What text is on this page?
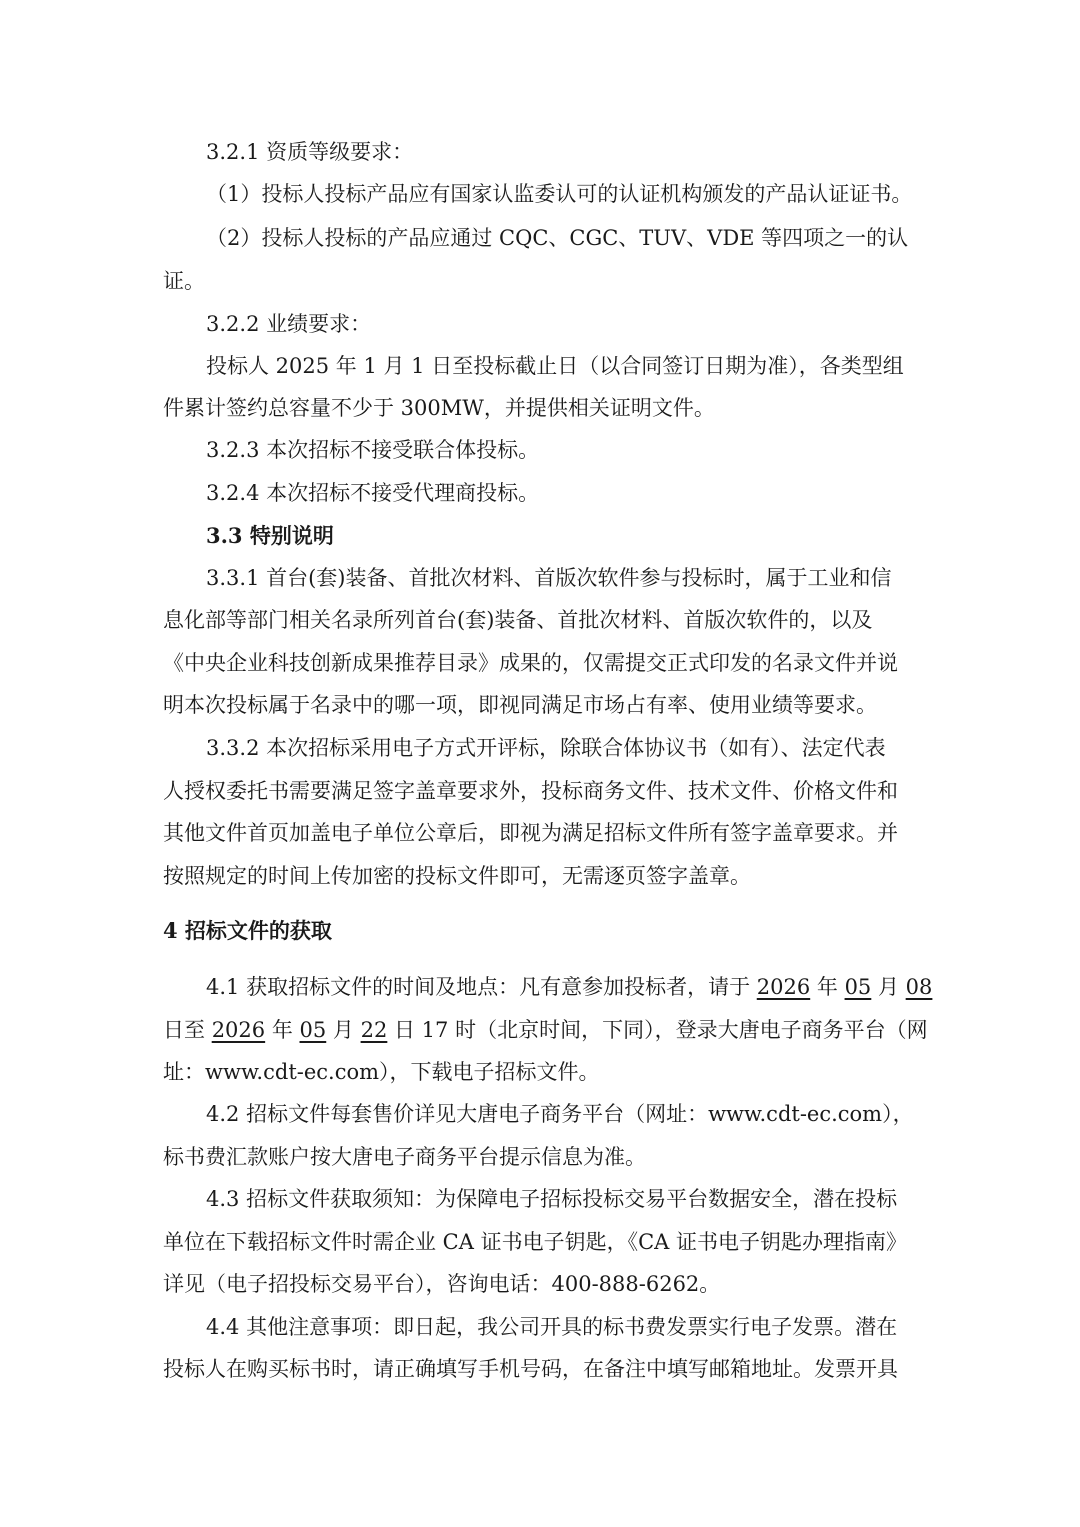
3.2.1 资质等级要求：
（1）投标人投标产品应有国家认监委认可的认证机构颁发的产品认证证书。
（2）投标人投标的产品应通过 CQC、CGC、TUV、VDE 等四项之一的认
证。
3.2.2 业绩要求：
投标人 2025 年 1 月 1 日至投标截止日（以合同签订日期为准），各类型组
件累计签约总容量不少于 300MW，并提供相关证明文件。
3.2.3 本次招标不接受联合体投标。
3.2.4 本次招标不接受代理商投标。
3.3 特别说明
3.3.1 首台(套)装备、首批次材料、首版次软件参与投标时，属于工业和信
息化部等部门相关名录所列首台(套)装备、首批次材料、首版次软件的，以及
《中央企业科技创新成果推荐目录》成果的，仅需提交正式印发的名录文件并说
明本次投标属于名录中的哪一项，即视同满足市场占有率、使用业绩等要求。
3.3.2 本次招标采用电子方式开评标，除联合体协议书（如有）、法定代表
人授权委托书需要满足签字盖章要求外，投标商务文件、技术文件、价格文件和
其他文件首页加盖电子单位公章后，即视为满足招标文件所有签字盖章要求。并
按照规定的时间上传加密的投标文件即可，无需逐页签字盖章。
4 招标文件的获取
4.1 获取招标文件的时间及地点：凡有意参加投标者，请于 2026 年 05 月 08
日至 2026 年 05 月 22 日 17 时（北京时间，下同），登录大唐电子商务平台（网
址：www.cdt-ec.com），下载电子招标文件。
4.2 招标文件每套售价详见大唐电子商务平台（网址：www.cdt-ec.com），
标书费汇款账户按大唐电子商务平台提示信息为准。
4.3 招标文件获取须知：为保障电子招标投标交易平台数据安全，潜在投标
单位在下载招标文件时需企业 CA 证书电子钥匙，《CA 证书电子钥匙办理指南》
详见（电子招投标交易平台），咨询电话：400-888-6262。
4.4 其他注意事项：即日起，我公司开具的标书费发票实行电子发票。潜在
投标人在购买标书时，请正确填写手机号码，在备注中填写邮箱地址。发票开具
